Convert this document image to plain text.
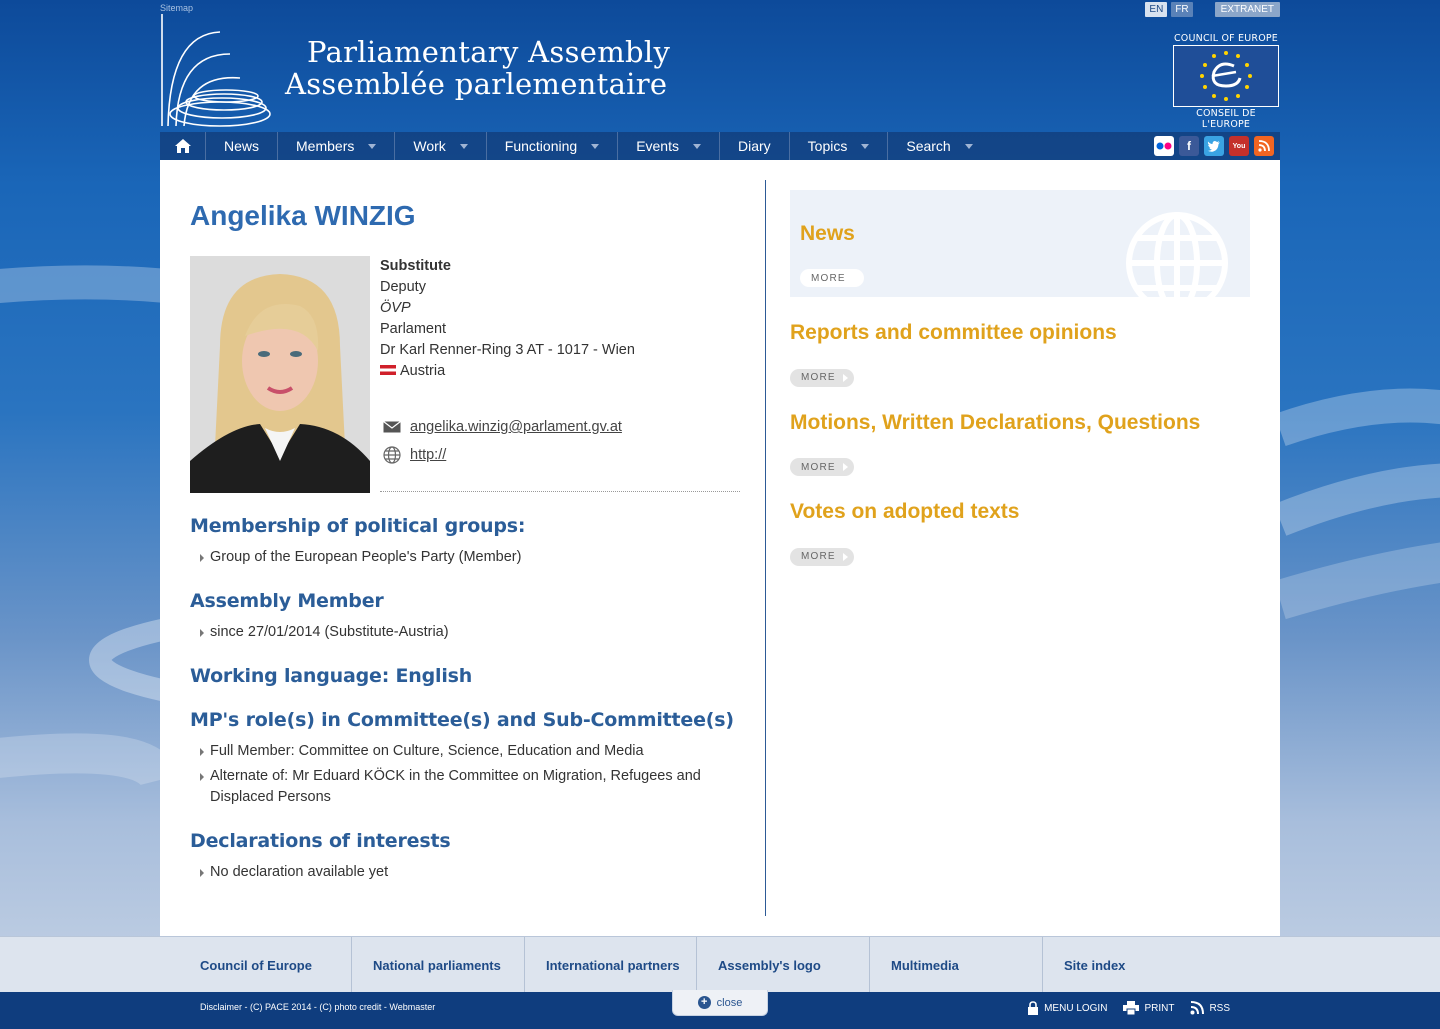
Sitemap
Parliamentary Assembly
Assemblée parlementaire
EN	FR	EXTRANET
COUNCIL OF EUROPE
CONSEIL DE L'EUROPE
News	Members	Work	Functioning	Events	Diary	Topics	Search	f	You
Angelika WINZIG
Substitute
Deputy
ÖVP
Parlament
Dr Karl Renner-Ring 3 AT - 1017 - Wien
Austria
angelika.winzig@parlament.gv.at
http://
Membership of political groups:
Group of the European People's Party (Member)
Assembly Member
since 27/01/2014 (Substitute-Austria)
Working language: English
MP's role(s) in Committee(s) and Sub-Committee(s)
Full Member: Committee on Culture, Science, Education and Media
Alternate of: Mr Eduard KÖCK in the Committee on Migration, Refugees and Displaced Persons
Declarations of interests
No declaration available yet
News
MORE
Reports and committee opinions
MORE
Motions, Written Declarations, Questions
MORE
Votes on adopted texts
MORE
Council of Europe	National parliaments	International partners	Assembly's logo	Multimedia	Site index
Disclaimer - (C) PACE 2014 - (C) photo credit - Webmaster	MENU LOGIN	PRINT	RSS
+ close
